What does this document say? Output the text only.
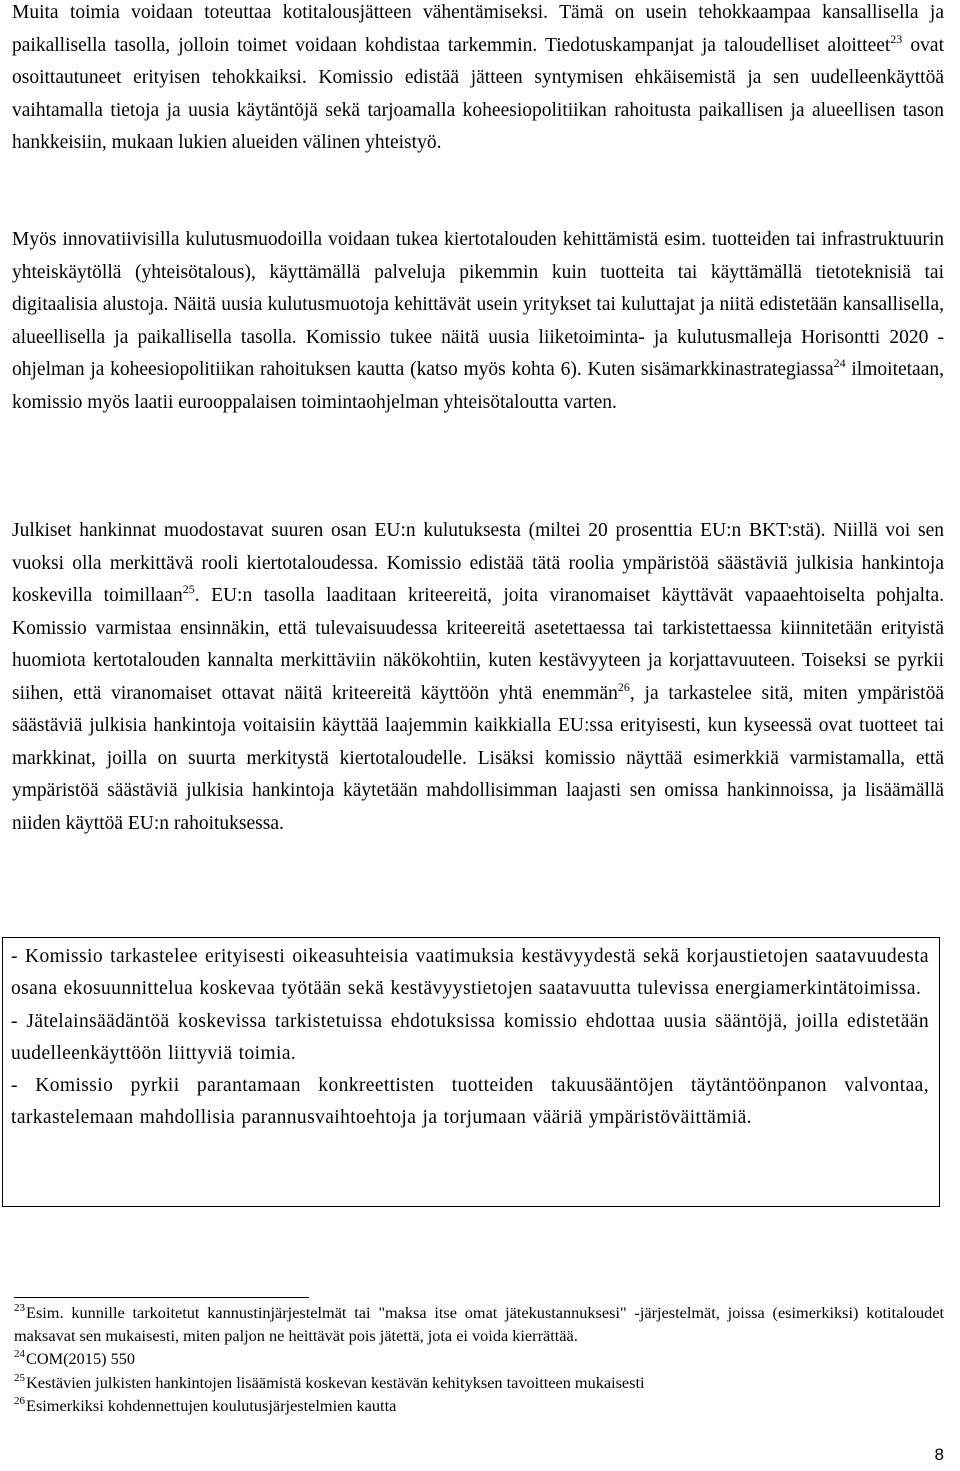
Muita toimia voidaan toteuttaa kotitalousjätteen vähentämiseksi. Tämä on usein tehokkaampaa kansallisella ja paikallisella tasolla, jolloin toimet voidaan kohdistaa tarkemmin. Tiedotuskampanjat ja taloudelliset aloitteet$^{23}$ ovat osoittautuneet erityisen tehokkaiksi. Komissio edistää jätteen syntymisen ehkäisemistä ja sen uudelleenkäyttöä vaihtamalla tietoja ja uusia käytäntöjä sekä tarjoamalla koheesiopolitiikan rahoitusta paikallisen ja alueellisen tason hankkeisiin, mukaan lukien alueiden välinen yhteistyö.

Myös innovatiivisilla kulutusmuodoilla voidaan tukea kiertotalouden kehittämistä esim. tuotteiden tai infrastruktuurin yhteiskäytöllä (yhteisötalous), käyttämällä palveluja pikemmin kuin tuotteita tai käyttämällä tietoteknisiä tai digitaalisia alustoja. Näitä uusia kulutusmuotoja kehittävät usein yritykset tai kuluttajat ja niitä edistetään kansallisella, alueellisella ja paikallisella tasolla. Komissio tukee näitä uusia liiketoiminta- ja kulutusmalleja Horisontti 2020 -ohjelman ja koheesiopolitiikan rahoituksen kautta (katso myös kohta 6). Kuten sisämarkkinastrategiassa$^{24}$ ilmoitetaan, komissio myös laatii eurooppalaisen toimintaohjelman yhteisötaloutta varten.

Julkiset hankinnat muodostavat suuren osan EU:n kulutuksesta (miltei 20 prosenttia EU:n BKT:stä). Niillä voi sen vuoksi olla merkittävä rooli kiertotaloudessa. Komissio edistää tätä roolia ympäristöä säästäviä julkisia hankintoja koskevilla toimillaan$^{25}$. EU:n tasolla laaditaan kriteereitä, joita viranomaiset käyttävät vapaaehtoiselta pohjalta. Komissio varmistaa ensinnäkin, että tulevaisuudessa kriteereitä asetettaessa tai tarkistettaessa kiinnitetään erityistä huomiota kertotalouden kannalta merkittäviin näkökohtiin, kuten kestävyyteen ja korjattavuuteen. Toiseksi se pyrkii siihen, että viranomaiset ottavat näitä kriteereitä käyttöön yhtä enemmän$^{26}$, ja tarkastelee sitä, miten ympäristöä säästäviä julkisia hankintoja voitaisiin käyttää laajemmin kaikkialla EU:ssa erityisesti, kun kyseessä ovat tuotteet tai markkinat, joilla on suurta merkitystä kiertotaloudelle. Lisäksi komissio näyttää esimerkkiä varmistamalla, että ympäristöä säästäviä julkisia hankintoja käytetään mahdollisimman laajasti sen omissa hankinnoissa, ja lisäämällä niiden käyttöä EU:n rahoituksessa.

- Komissio tarkastelee erityisesti oikeasuhteisia vaatimuksia kestävyydestä sekä korjaustietojen saatavuudesta osana ekosuunnittelua koskevaa työtään sekä kestävyystietojen saatavuutta tulevissa energiamerkintätoimissa.

- Jätelainsäädäntöä koskevissa tarkistetuissa ehdotuksissa komissio ehdottaa uusia sääntöjä, joilla edistetään uudelleenkäyttöön liittyviä toimia.

- Komissio pyrkii parantamaan konkreettisten tuotteiden takuusääntöjen täytäntöönpanon valvontaa, tarkastelemaan mahdollisia parannusvaihtoehtoja ja torjumaan vääriä ympäristöväittämiä.

$^{23}$Esim. kunnille tarkoitetut kannustinjärjestelmät tai "maksa itse omat jätekustannuksesi" -järjestelmät, joissa (esimerkiksi) kotitaloudet maksavat sen mukaisesti, miten paljon ne heittävät pois jätettä, jota ei voida kierrättää.

$^{24}$COM(2015) 550

$^{25}$Kestävien julkisten hankintojen lisäämistä koskevan kestävän kehityksen tavoitteen mukaisesti

$^{26}$Esimerkiksi kohdennettujen koulutusjärjestelmien kautta

8
